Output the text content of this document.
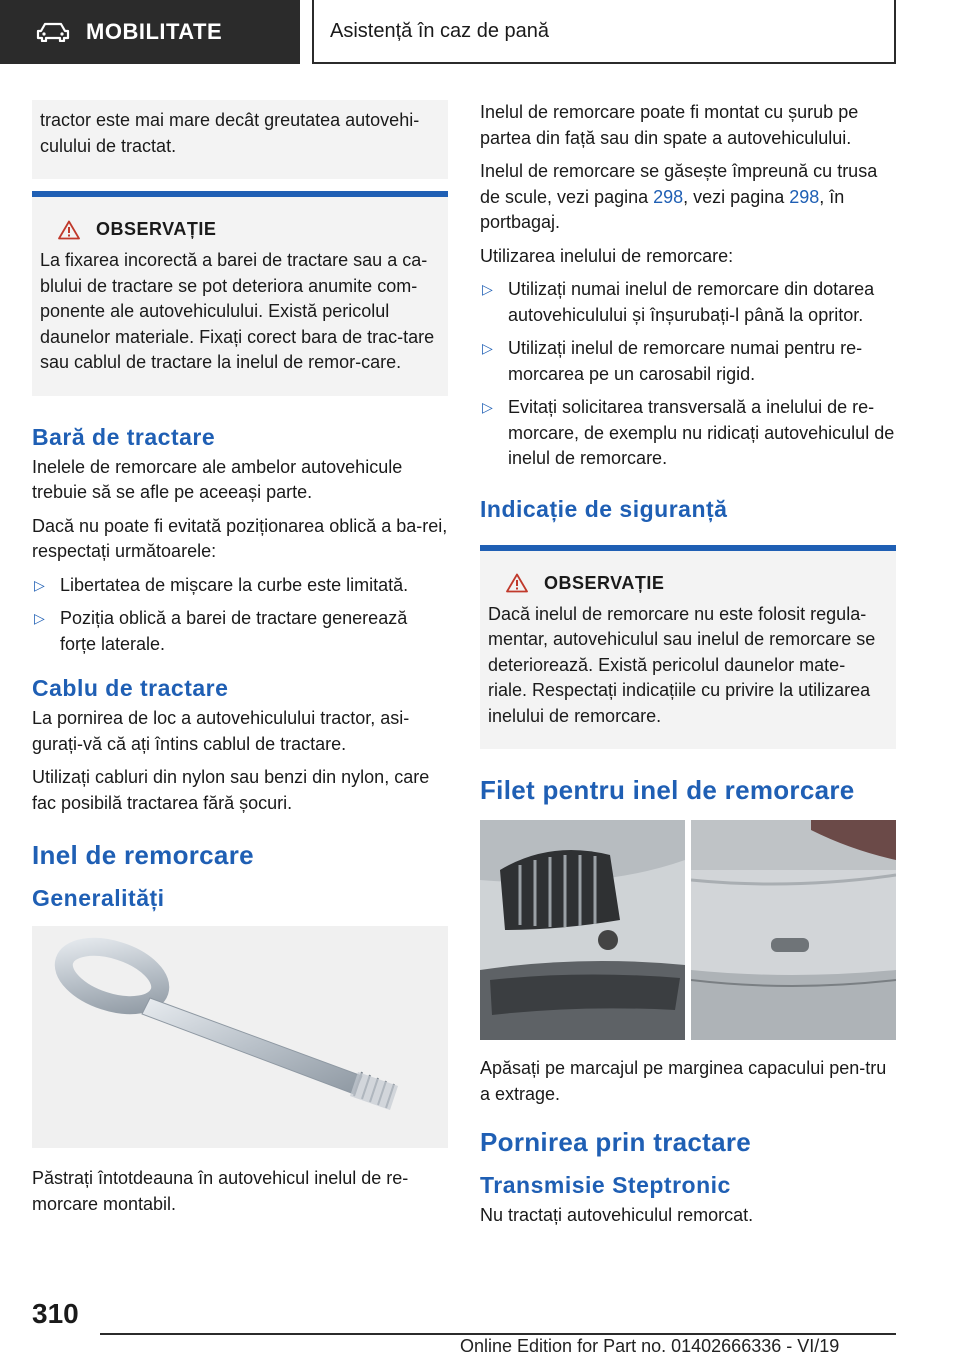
MOBILITATE	Asistență în caz de pană

tractor este mai mare decât greutatea autovehi-culului de tractat.

OBSERVAȚIE

La fixarea incorectă a barei de tractare sau a ca-blului de tractare se pot deteriora anumite com-ponente ale autovehiculului. Există pericolul daunelor materiale. Fixați corect bara de trac-tare sau cablul de tractare la inelul de remor-care.

Bară de tractare

Inelele de remorcare ale ambelor autovehicule trebuie să se afle pe aceeași parte.

Dacă nu poate fi evitată poziționarea oblică a ba-rei, respectați următoarele:

▷ Libertatea de mișcare la curbe este limitată.
▷ Poziția oblică a barei de tractare generează forțe laterale.
Cablu de tractare

La pornirea de loc a autovehiculului tractor, asi-gurați-vă că ați întins cablul de tractare.

Utilizați cabluri din nylon sau benzi din nylon, care fac posibilă tractarea fără șocuri.

Inel de remorcare
Generalități

Păstrați întotdeauna în autovehicul inelul de re-morcare montabil.

Inelul de remorcare poate fi montat cu șurub pe partea din față sau din spate a autovehiculului.

Inelul de remorcare se găsește împreună cu trusa de scule, vezi pagina 298, vezi pagina 298, în portbagaj.

Utilizarea inelului de remorcare:

▷ Utilizați numai inelul de remorcare din dotarea autovehiculului și înșurubați-l până la opritor.
▷ Utilizați inelul de remorcare numai pentru re-morcarea pe un carosabil rigid.
▷ Evitați solicitarea transversală a inelului de re-morcare, de exemplu nu ridicați autovehiculul de inelul de remorcare.
Indicație de siguranță
OBSERVAȚIE

Dacă inelul de remorcare nu este folosit regula-mentar, autovehiculul sau inelul de remorcare se deteriorează. Există pericolul daunelor mate-riale. Respectați indicațiile cu privire la utilizarea inelului de remorcare.

Filet pentru inel de remorcare

Apăsați pe marcajul pe marginea capacului pen-tru a extrage.

Pornirea prin tractare
Transmisie Steptronic

Nu tractați autovehiculul remorcat.

310
Online Edition for Part no. 01402666336 - VI/19
